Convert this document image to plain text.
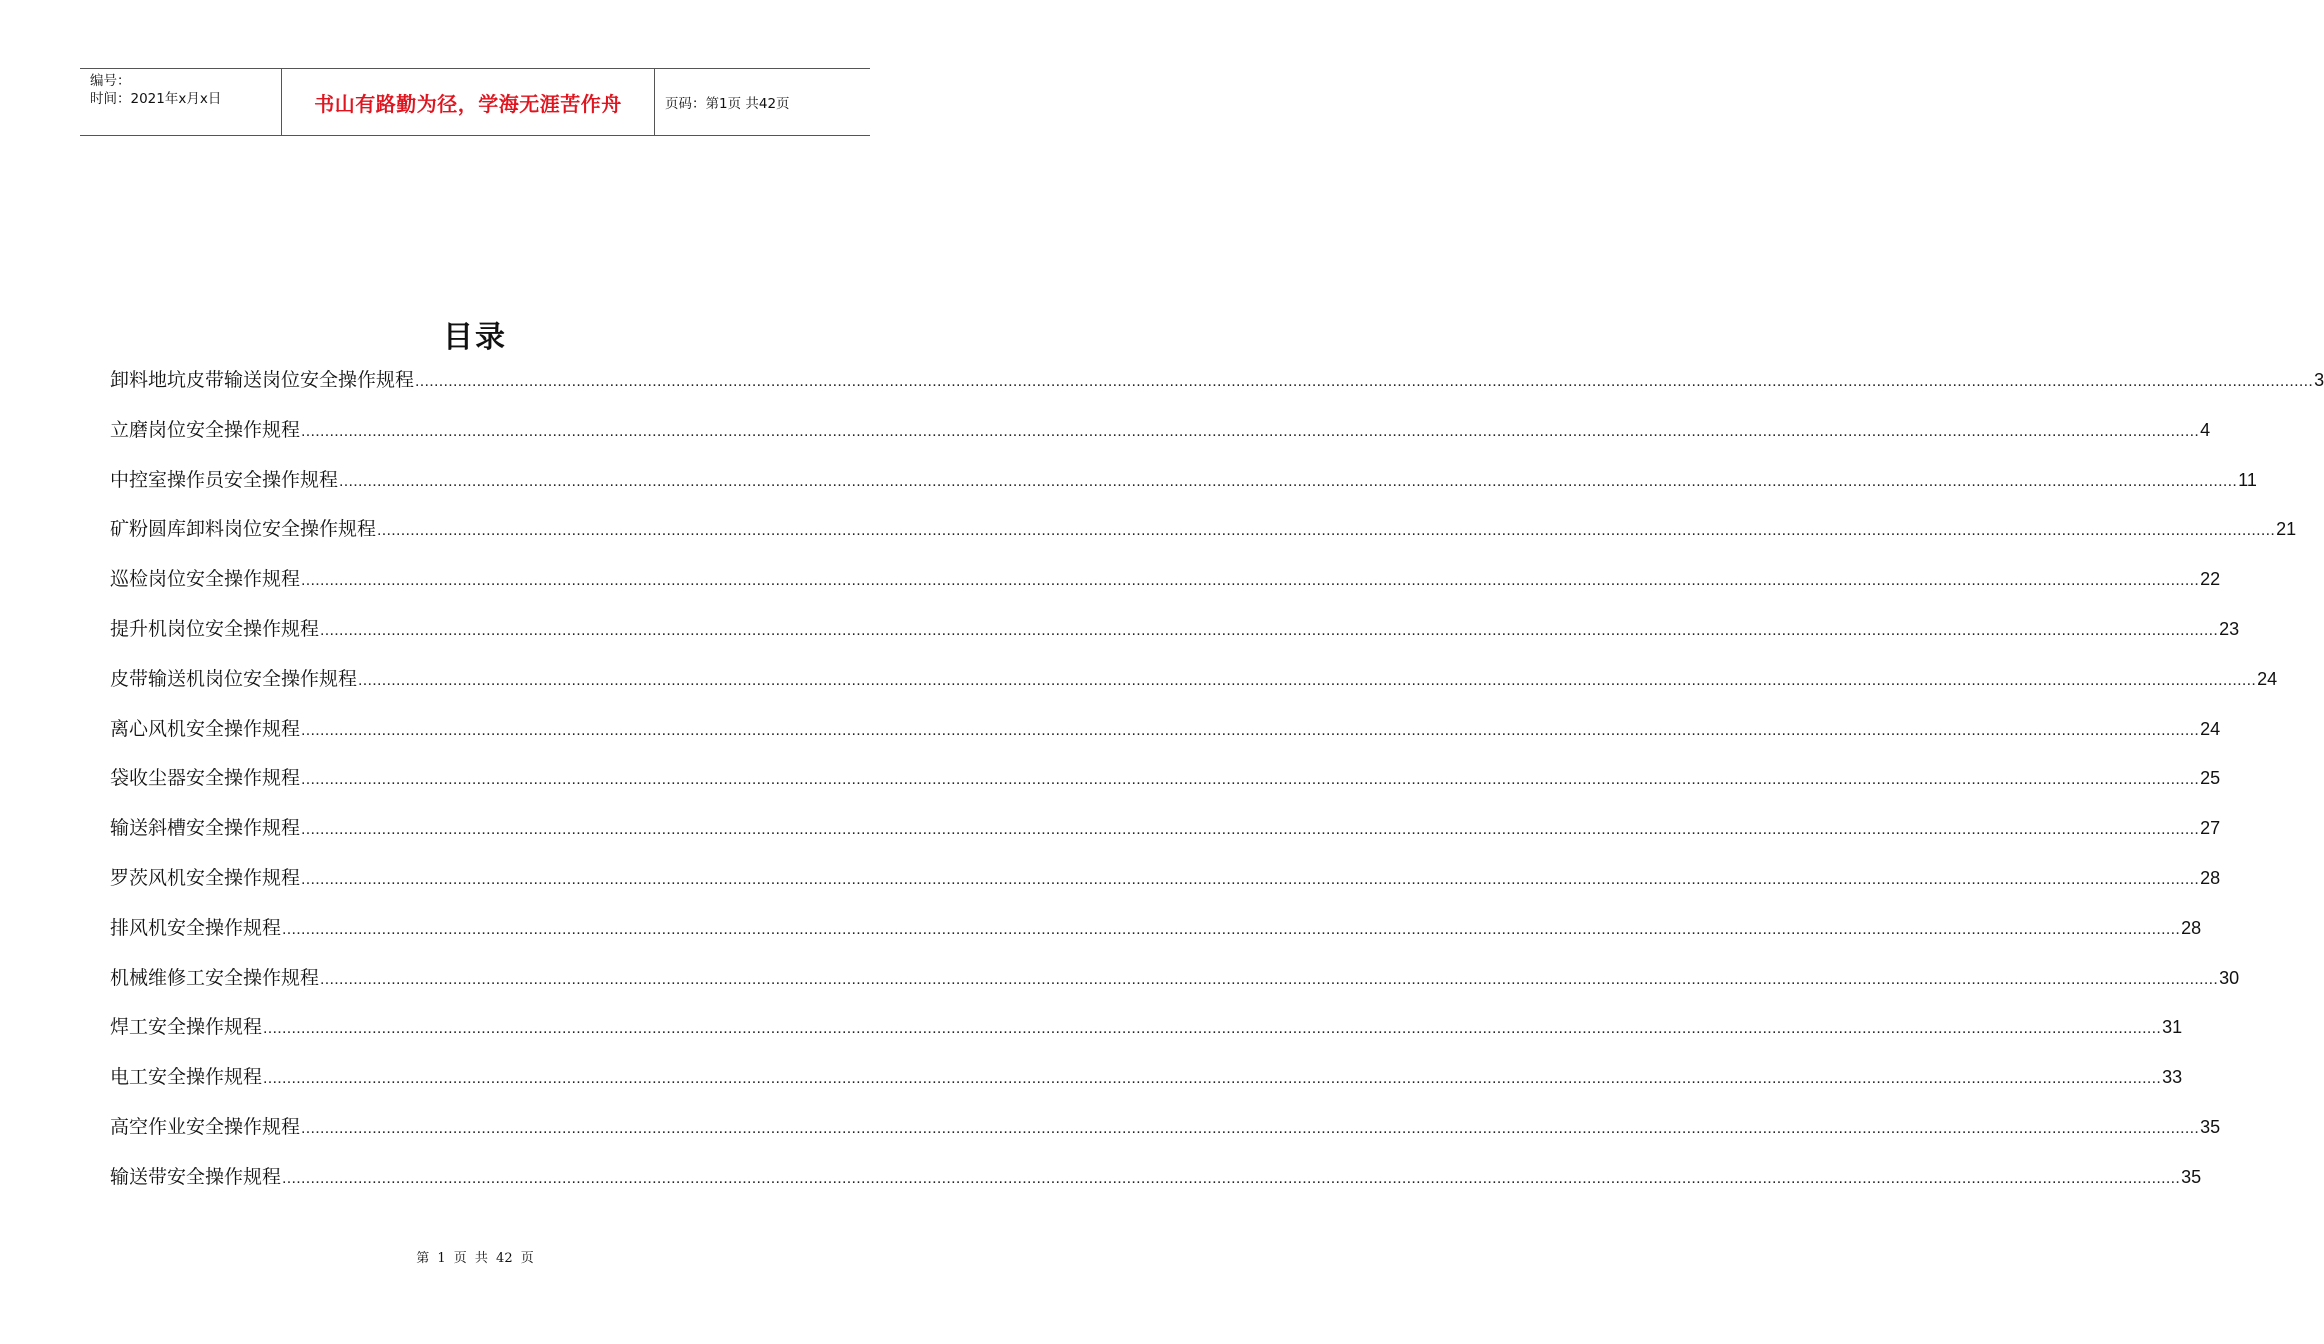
编号：
时间：2021年x月x日	书山有路勤为径，学海无涯苦作舟	页码：第1页 共42页
目录
卸料地坑皮带输送岗位安全操作规程 ................................................................................................................................................................................................................................................................................................................................................................................................................ 3
立磨岗位安全操作规程 ................................................................................................................................................................................................................................................................................................................................................................................................................ 4
中控室操作员安全操作规程 ................................................................................................................................................................................................................................................................................................................................................................................................................ 11
矿粉圆库卸料岗位安全操作规程 ................................................................................................................................................................................................................................................................................................................................................................................................................ 21
巡检岗位安全操作规程 ................................................................................................................................................................................................................................................................................................................................................................................................................ 22
提升机岗位安全操作规程 ................................................................................................................................................................................................................................................................................................................................................................................................................ 23
皮带输送机岗位安全操作规程 ................................................................................................................................................................................................................................................................................................................................................................................................................ 24
离心风机安全操作规程 ................................................................................................................................................................................................................................................................................................................................................................................................................ 24
袋收尘器安全操作规程 ................................................................................................................................................................................................................................................................................................................................................................................................................ 25
输送斜槽安全操作规程 ................................................................................................................................................................................................................................................................................................................................................................................................................ 27
罗茨风机安全操作规程 ................................................................................................................................................................................................................................................................................................................................................................................................................ 28
排风机安全操作规程 ................................................................................................................................................................................................................................................................................................................................................................................................................ 28
机械维修工安全操作规程 ................................................................................................................................................................................................................................................................................................................................................................................................................ 30
焊工安全操作规程 ................................................................................................................................................................................................................................................................................................................................................................................................................ 31
电工安全操作规程 ................................................................................................................................................................................................................................................................................................................................................................................................................ 33
高空作业安全操作规程 ................................................................................................................................................................................................................................................................................................................................................................................................................ 35
输送带安全操作规程 ................................................................................................................................................................................................................................................................................................................................................................................................................ 35
第 1 页 共 42 页
